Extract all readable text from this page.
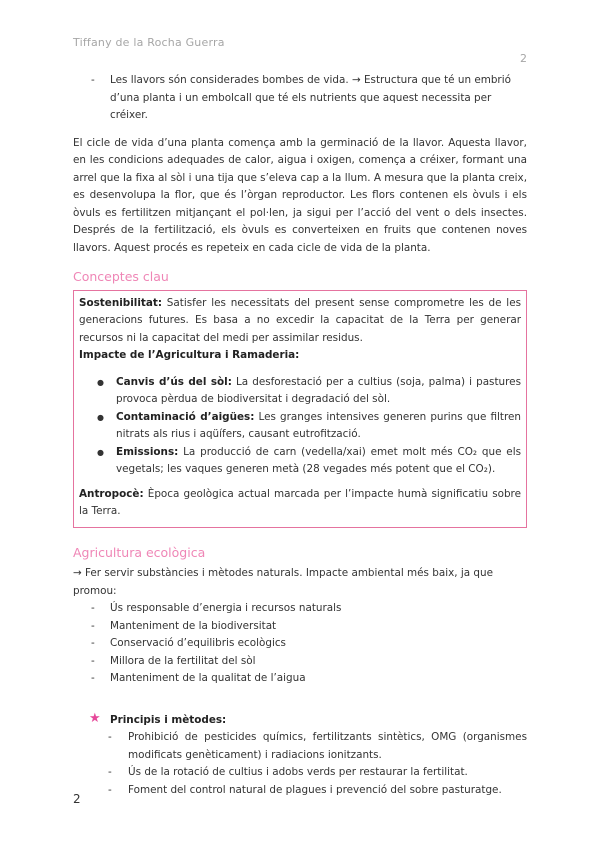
Tiffany de la Rocha Guerra
2
- Les llavors són considerades bombes de vida. → Estructura que té un embrió d’una planta i un embolcall que té els nutrients que aquest necessita per créixer.

El cicle de vida d’una planta comença amb la germinació de la llavor. Aquesta llavor, en les condicions adequades de calor, aigua i oxigen, comença a créixer, formant una arrel que la fixa al sòl i una tija que s’eleva cap a la llum. A mesura que la planta creix, es desenvolupa la flor, que és l’òrgan reproductor. Les flors contenen els òvuls i els òvuls es fertilitzen mitjançant el pol·len, ja sigui per l’acció del vent o dels insectes. Després de la fertilització, els òvuls es converteixen en fruits que contenen noves llavors. Aquest procés es repeteix en cada cicle de vida de la planta.

Conceptes clau

Sostenibilitat: Satisfer les necessitats del present sense comprometre les de les generacions futures. Es basa a no excedir la capacitat de la Terra per generar recursos ni la capacitat del medi per assimilar residus.

Impacte de l’Agricultura i Ramaderia:

● Canvis d’ús del sòl: La desforestació per a cultius (soja, palma) i pastures provoca pèrdua de biodiversitat i degradació del sòl.
● Contaminació d’aigües: Les granges intensives generen purins que filtren nitrats als rius i aqüífers, causant eutrofització.
● Emissions: La producció de carn (vedella/xai) emet molt més CO₂ que els vegetals; les vaques generen metà (28 vegades més potent que el CO₂).

Antropocè: Època geològica actual marcada per l’impacte humà significatiu sobre la Terra.

Agricultura ecològica
→ Fer servir substàncies i mètodes naturals. Impacte ambiental més baix, ja que promou:
- Ús responsable d’energia i recursos naturals
- Manteniment de la biodiversitat
- Conservació d’equilibris ecològics
- Millora de la fertilitat del sòl
- Manteniment de la qualitat de l’aigua
★ Principis i mètodes:
- Prohibició de pesticides químics, fertilitzants sintètics, OMG (organismes modificats genèticament) i radiacions ionitzants.
- Ús de la rotació de cultius i adobs verds per restaurar la fertilitat.
- Foment del control natural de plagues i prevenció del sobre pasturatge.
2
